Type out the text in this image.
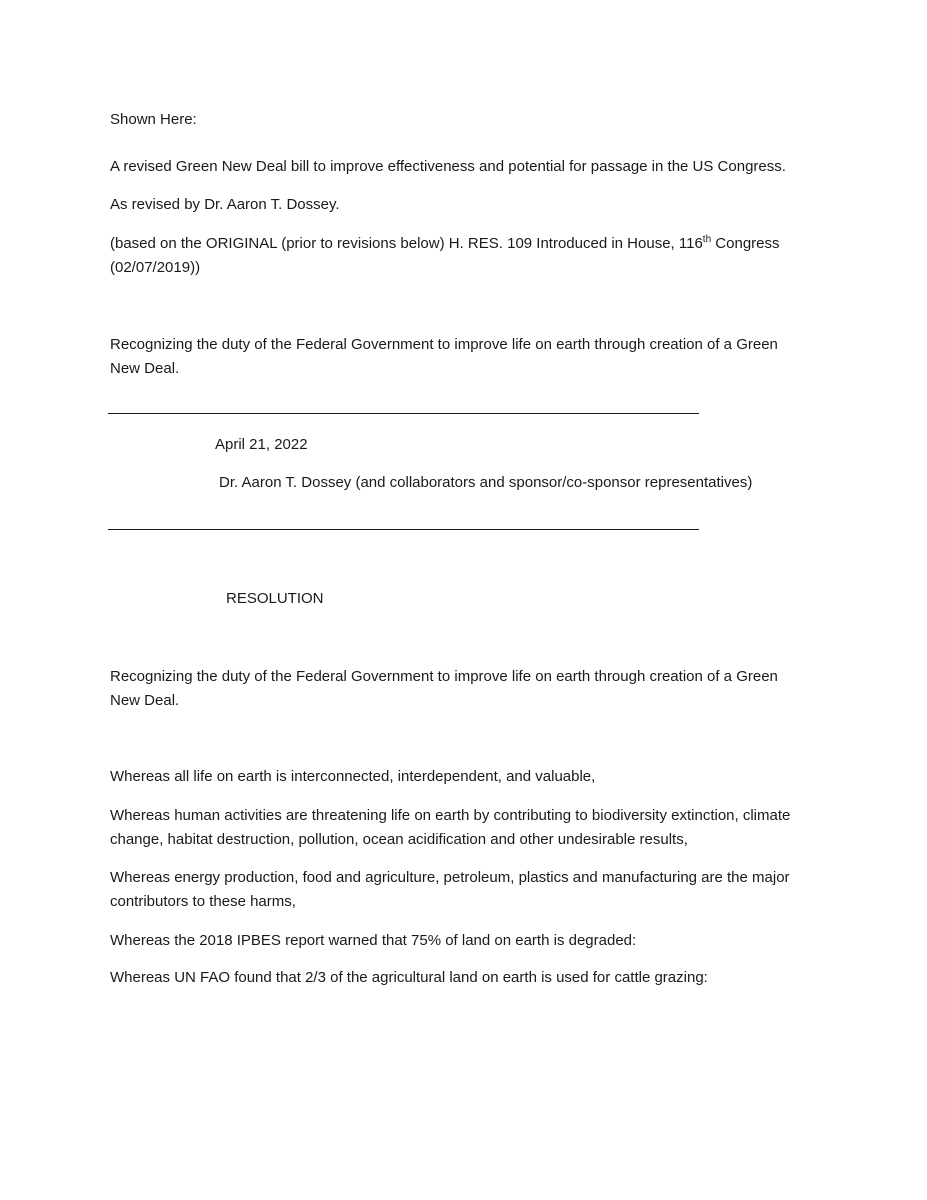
Shown Here:

A revised Green New Deal bill to improve effectiveness and potential for passage in the US Congress.

As revised by Dr. Aaron T. Dossey.

(based on the ORIGINAL (prior to revisions below) H. RES. 109 Introduced in House, 116th Congress (02/07/2019))

Recognizing the duty of the Federal Government to improve life on earth through creation of a Green New Deal.

April 21, 2022

Dr. Aaron T. Dossey (and collaborators and sponsor/co-sponsor representatives)

RESOLUTION

Recognizing the duty of the Federal Government to improve life on earth through creation of a Green New Deal.

Whereas all life on earth is interconnected, interdependent, and valuable,

Whereas human activities are threatening life on earth by contributing to biodiversity extinction, climate change, habitat destruction, pollution, ocean acidification and other undesirable results,

Whereas energy production, food and agriculture, petroleum, plastics and manufacturing are the major contributors to these harms,

Whereas the 2018 IPBES report warned that 75% of land on earth is degraded:

Whereas UN FAO found that 2/3 of the agricultural land on earth is used for cattle grazing:
